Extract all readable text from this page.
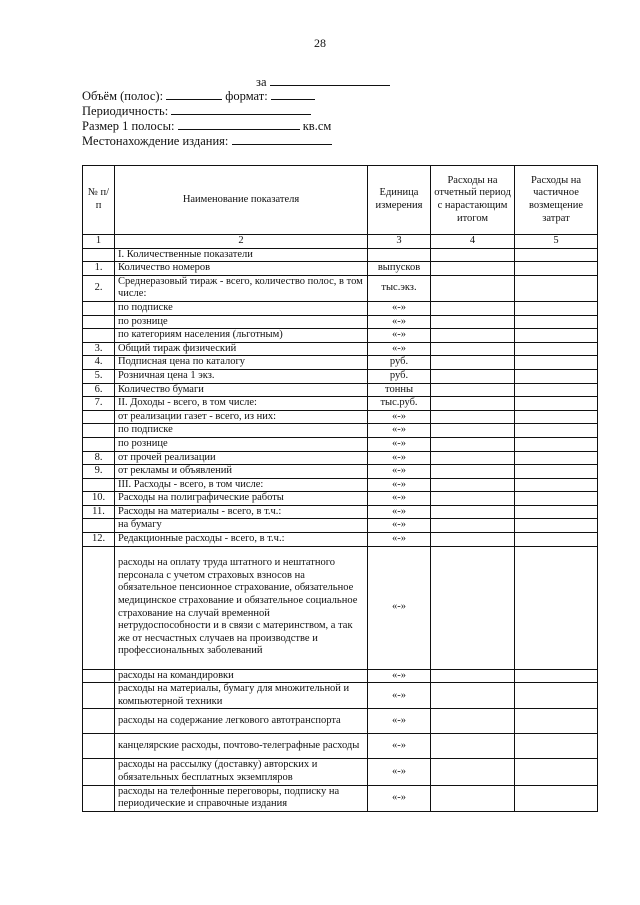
28
за
Объём (полос):	формат:
Периодичность:
Размер 1 полосы:	кв.см
Местонахождение издания:
№ п/п	Наименование показателя	Единица измерения	Расходы на отчетный период с нарастающим итогом	Расходы на частичное возмещение затрат
1	2	3	4	5
	I. Количественные показатели			
1.	Количество номеров	выпусков		
2.	Среднеразовый тираж - всего, количество полос, в том числе:	тыс.экз.		
	по подписке	«-»		
	по рознице	«-»		
	по категориям населения (льготным)	«-»		
3.	Общий тираж физический	«-»		
4.	Подписная цена по каталогу	руб.		
5.	Розничная цена 1 экз.	руб.		
6.	Количество бумаги	тонны		
7.	II. Доходы - всего, в том числе:	тыс.руб.		
	от реализации газет - всего, из них:	«-»		
	по подписке	«-»		
	по рознице	«-»		
8.	от прочей реализации	«-»		
9.	от рекламы и объявлений	«-»		
	III. Расходы - всего, в том числе:	«-»		
10.	Расходы на полиграфические работы	«-»		
11.	Расходы на материалы - всего, в т.ч.:	«-»		
	на бумагу	«-»		
12.	Редакционные расходы - всего, в т.ч.:	«-»		
	расходы на оплату труда штатного и нештатного персонала с учетом страховых взносов на обязательное пенсионное страхование, обязательное медицинское страхование и обязательное социальное страхование на случай временной нетрудоспособности и в связи с материнством, а так же от несчастных случаев на производстве и профессиональных заболеваний	«-»		
	расходы на командировки	«-»		
	расходы на материалы, бумагу для множительной и компьютерной техники	«-»		
	расходы на содержание легкового автотранспорта	«-»		
	канцелярские расходы, почтово-телеграфные расходы	«-»		
	расходы на рассылку (доставку) авторских и обязательных бесплатных экземпляров	«-»		
	расходы на телефонные переговоры, подписку на периодические и справочные издания	«-»		
